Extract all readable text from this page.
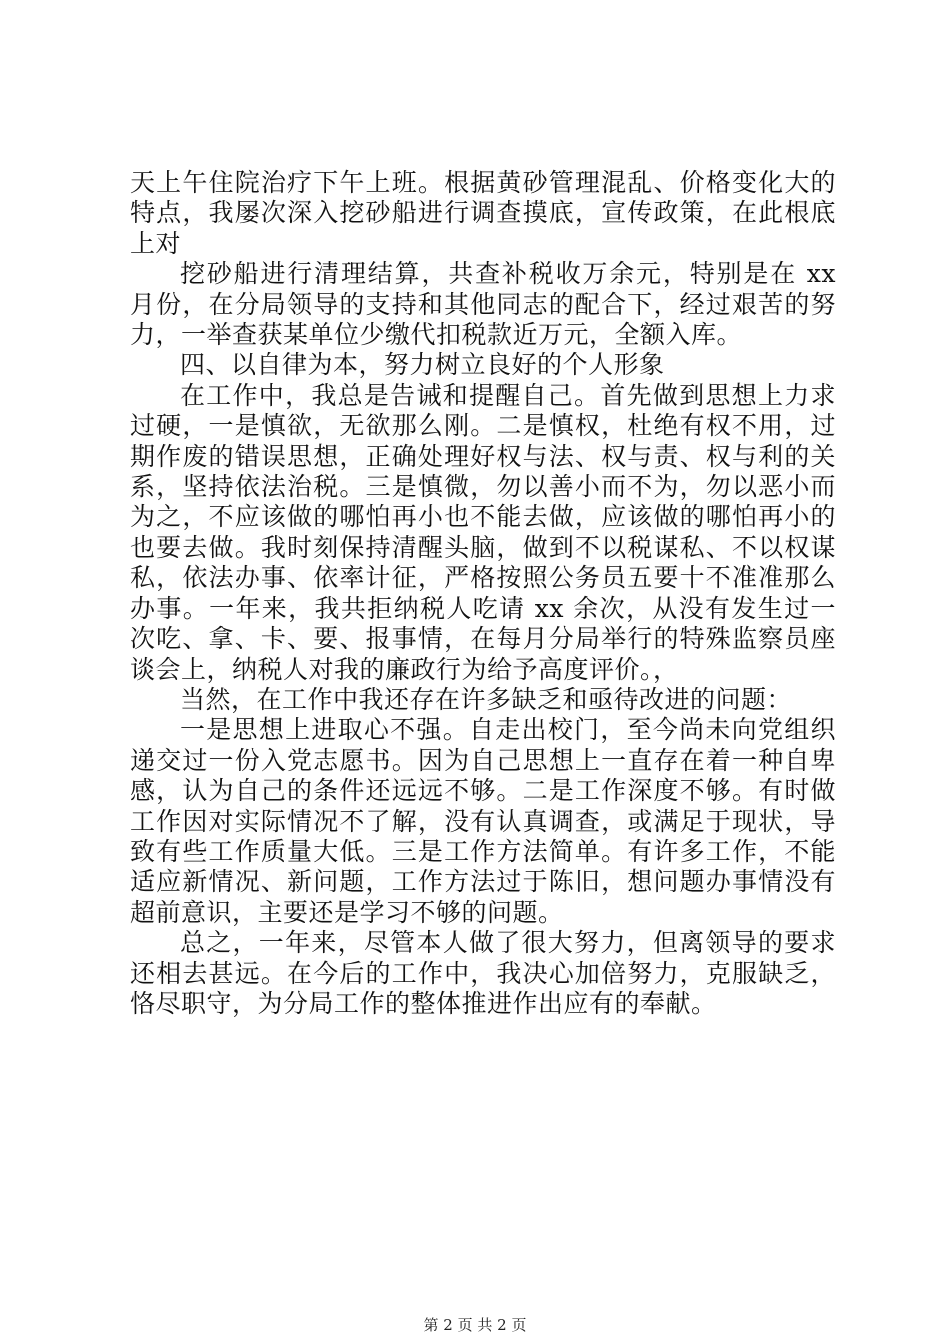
天上午住院治疗下午上班。根据黄砂管理混乱、价格变化大的特点，我屡次深入挖砂船进行调查摸底，宣传政策，在此根底上对

挖砂船进行清理结算，共查补税收万余元，特别是在 xx 月份，在分局领导的支持和其他同志的配合下，经过艰苦的努力，一举查获某单位少缴代扣税款近万元，全额入库。

四、以自律为本，努力树立良好的个人形象

在工作中，我总是告诫和提醒自己。首先做到思想上力求过硬，一是慎欲，无欲那么刚。二是慎权，杜绝有权不用，过期作废的错误思想，正确处理好权与法、权与责、权与利的关系，坚持依法治税。三是慎微，勿以善小而不为，勿以恶小而为之，不应该做的哪怕再小也不能去做，应该做的哪怕再小的也要去做。我时刻保持清醒头脑，做到不以税谋私、不以权谋私，依法办事、依率计征，严格按照公务员五要十不准准那么办事。一年来，我共拒纳税人吃请 xx 余次，从没有发生过一次吃、拿、卡、要、报事情，在每月分局举行的特殊监察员座谈会上，纳税人对我的廉政行为给予高度评价。，

当然，在工作中我还存在许多缺乏和亟待改进的问题：

一是思想上进取心不强。自走出校门，至今尚未向党组织递交过一份入党志愿书。因为自己思想上一直存在着一种自卑感，认为自己的条件还远远不够。二是工作深度不够。有时做工作因对实际情况不了解，没有认真调查，或满足于现状，导致有些工作质量大低。三是工作方法简单。有许多工作，不能适应新情况、新问题，工作方法过于陈旧，想问题办事情没有超前意识，主要还是学习不够的问题。

总之，一年来，尽管本人做了很大努力，但离领导的要求还相去甚远。在今后的工作中，我决心加倍努力，克服缺乏，恪尽职守，为分局工作的整体推进作出应有的奉献。

第 2 页 共 2 页
